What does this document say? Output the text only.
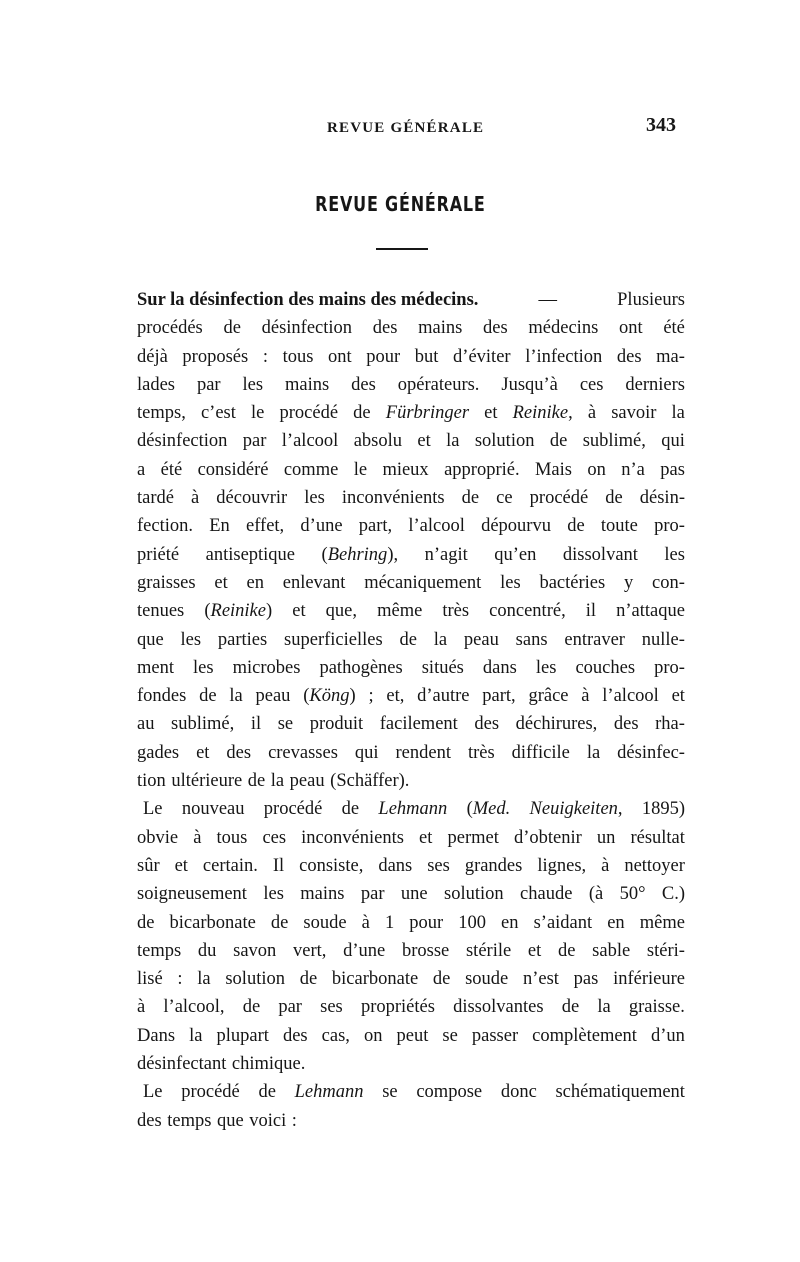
REVUE GÉNÉRALE	343
REVUE GÉNÉRALE
Sur la désinfection des mains des médecins.	—	Plusieurs
procédés de désinfection des mains des médecins ont été
déjà proposés : tous ont pour but d’éviter l’infection des ma-
lades par les mains des opérateurs. Jusqu’à ces derniers
temps, c’est le procédé de Fürbringer et Reinike, à savoir la
désinfection par l’alcool absolu et la solution de sublimé, qui
a été considéré comme le mieux approprié. Mais on n’a pas
tardé à découvrir les inconvénients de ce procédé de désin-
fection. En effet, d’une part, l’alcool dépourvu de toute pro-
priété antiseptique (Behring), n’agit qu’en dissolvant les
graisses et en enlevant mécaniquement les bactéries y con-
tenues (Reinike) et que, même très concentré, il n’attaque
que les parties superficielles de la peau sans entraver nulle-
ment les microbes pathogènes situés dans les couches pro-
fondes de la peau (Köng) ; et, d’autre part, grâce à l’alcool et
au sublimé, il se produit facilement des déchirures, des rha-
gades et des crevasses qui rendent très difficile la désinfec-
tion ultérieure de la peau (Schäffer).
Le nouveau procédé de Lehmann (Med. Neuigkeiten, 1895)
obvie à tous ces inconvénients et permet d’obtenir un résultat
sûr et certain. Il consiste, dans ses grandes lignes, à nettoyer
soigneusement les mains par une solution chaude (à 50° C.)
de bicarbonate de soude à 1 pour 100 en s’aidant en même
temps du savon vert, d’une brosse stérile et de sable stéri-
lisé : la solution de bicarbonate de soude n’est pas inférieure
à l’alcool, de par ses propriétés dissolvantes de la graisse.
Dans la plupart des cas, on peut se passer complètement d’un
désinfectant chimique.
Le procédé de Lehmann se compose donc schématiquement
des temps que voici :
